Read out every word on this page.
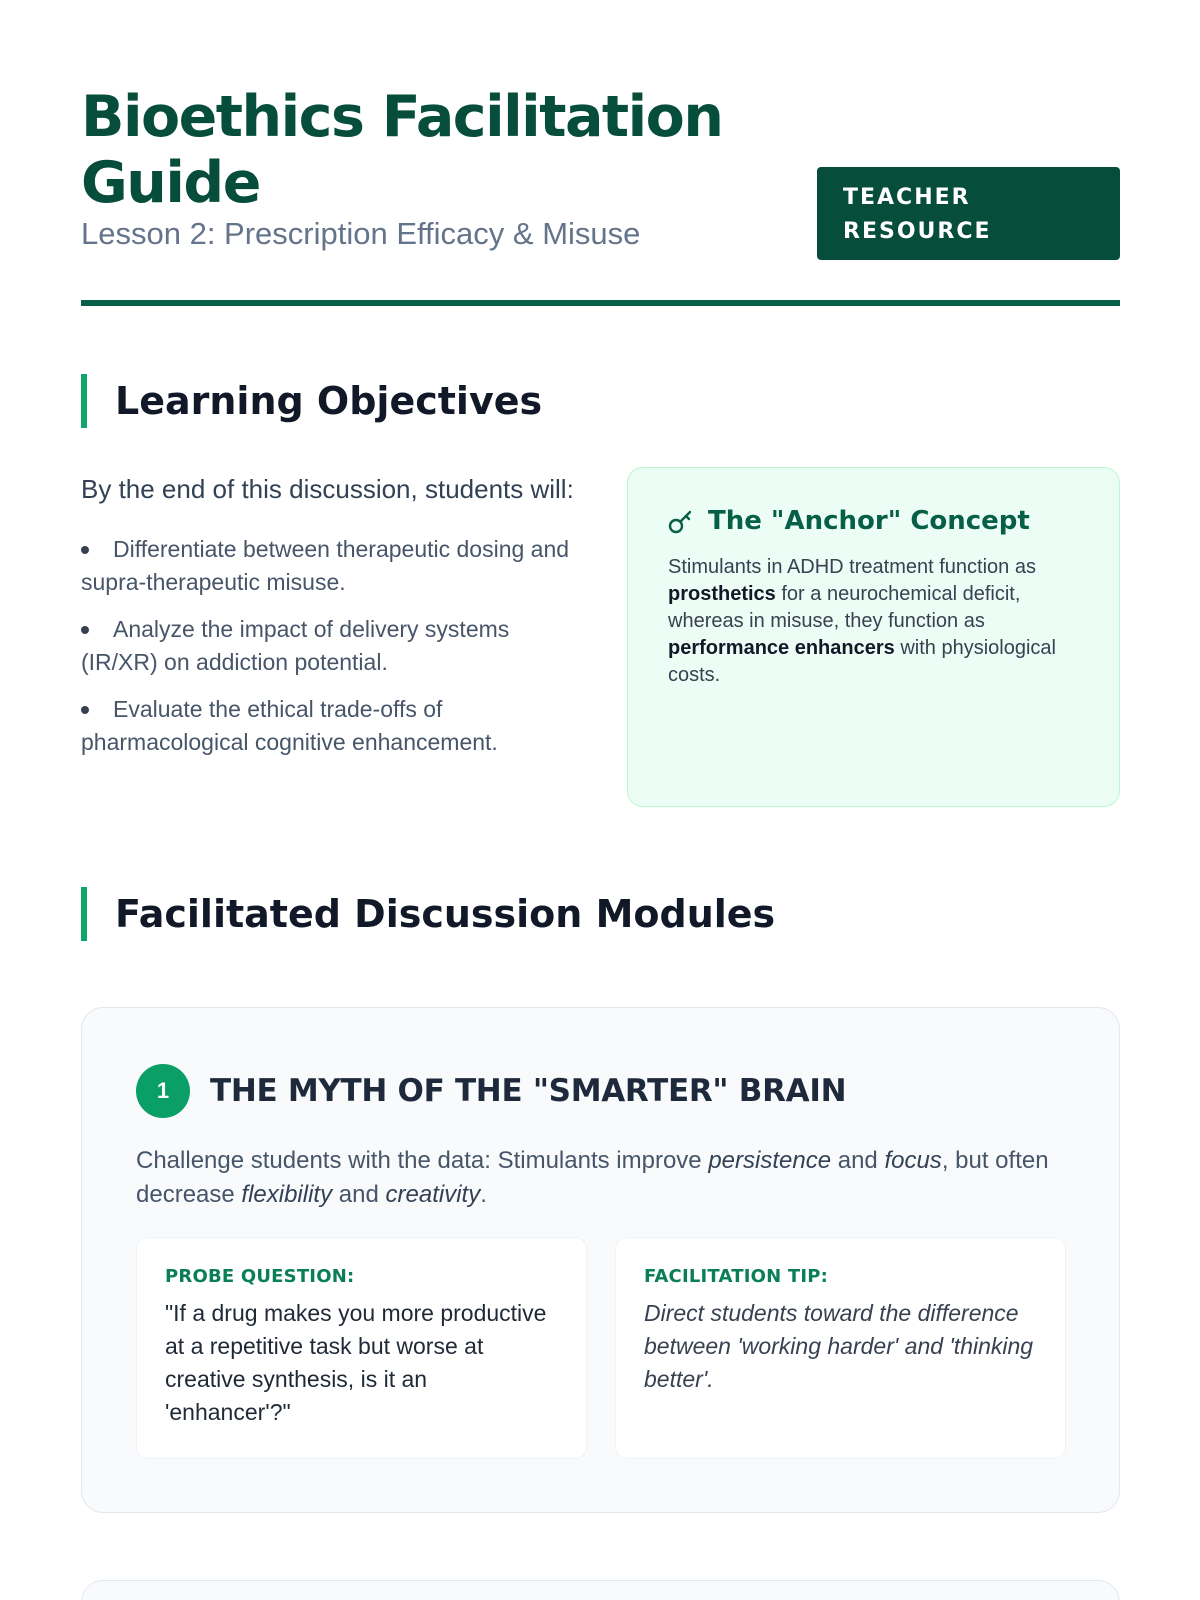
Bioethics Facilitation Guide
Lesson 2: Prescription Efficacy & Misuse
TEACHER RESOURCE
Learning Objectives

By the end of this discussion, students will:

Differentiate between therapeutic dosing and supra-therapeutic misuse.
Analyze the impact of delivery systems (IR/XR) on addiction potential.
Evaluate the ethical trade-offs of pharmacological cognitive enhancement.
The "Anchor" Concept

Stimulants in ADHD treatment function as prosthetics for a neurochemical deficit, whereas in misuse, they function as performance enhancers with physiological costs.

Facilitated Discussion Modules
1	THE MYTH OF THE "SMARTER" BRAIN

Challenge students with the data: Stimulants improve persistence and focus, but often decrease flexibility and creativity.

PROBE QUESTION:

"If a drug makes you more productive at a repetitive task but worse at creative synthesis, is it an 'enhancer'?"

FACILITATION TIP:

Direct students toward the difference between 'working harder' and 'thinking better'.
